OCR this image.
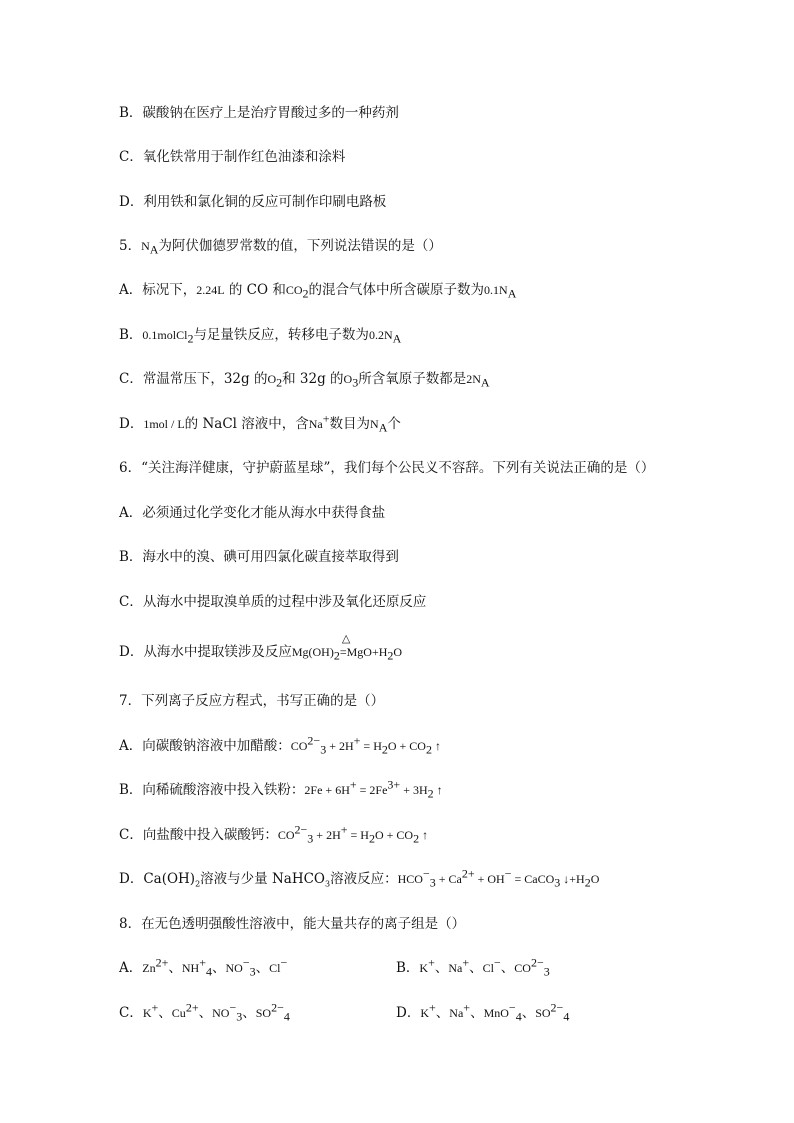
B．碳酸钠在医疗上是治疗胃酸过多的一种药剂
C．氧化铁常用于制作红色油漆和涂料
D．利用铁和氯化铜的反应可制作印刷电路板
5．$N_A$为阿伏伽德罗常数的值，下列说法错误的是（）
A．标况下，2.24L 的 CO 和$CO_2$的混合气体中所含碳原子数为$0.1N_A$
B．0.1molCl$_2$与足量铁反应，转移电子数为$0.2N_A$
C．常温常压下，32g 的$O_2$和 32g 的$O_3$所含氧原子数都是$2N_A$
D．1mol / L的 NaCl 溶液中，含Na+数目为$N_A$个
6．“关注海洋健康，守护蔚蓝星球”，我们每个公民义不容辞。下列有关说法正确的是（）
A．必须通过化学变化才能从海水中获得食盐
B．海水中的溴、碘可用四氯化碳直接萃取得到
C．从海水中提取溴单质的过程中涉及氧化还原反应
D．从海水中提取镁涉及反应$Mg(OH)_2$
△
$=MgO+H_2O$
7．下列离子反应方程式，书写正确的是（）
A．向碳酸钠溶液中加醋酸：$CO^{2-}_3 + 2H^+ = H_2O + CO_2$ ↑
B．向稀硫酸溶液中投入铁粉：$2Fe + 6H^+ = 2Fe^{3+} + 3H_2$ ↑
C．向盐酸中投入碳酸钙：$CO^{2-}_3 + 2H^+ = H_2O + CO_2$ ↑
D．$Ca(OH)_2$溶液与少量 NaHCO$_3$溶液反应：$HCO^-_3 + Ca^{2+} + OH^-$ = CaCO$_3$ $↓+H_2O$
8．在无色透明强酸性溶液中，能大量共存的离子组是（）
A．$Zn^{2+}$、$NH^+_4$、$NO^-_3$、Cl−	B．K+、Na+、Cl−、$CO^{2-}_3$
C．K+、$Cu^{2+}$、$NO^-_3$、$SO^{2-}_4$	D．K+、Na+、MnO−$_4$、$SO^{2-}_4$
